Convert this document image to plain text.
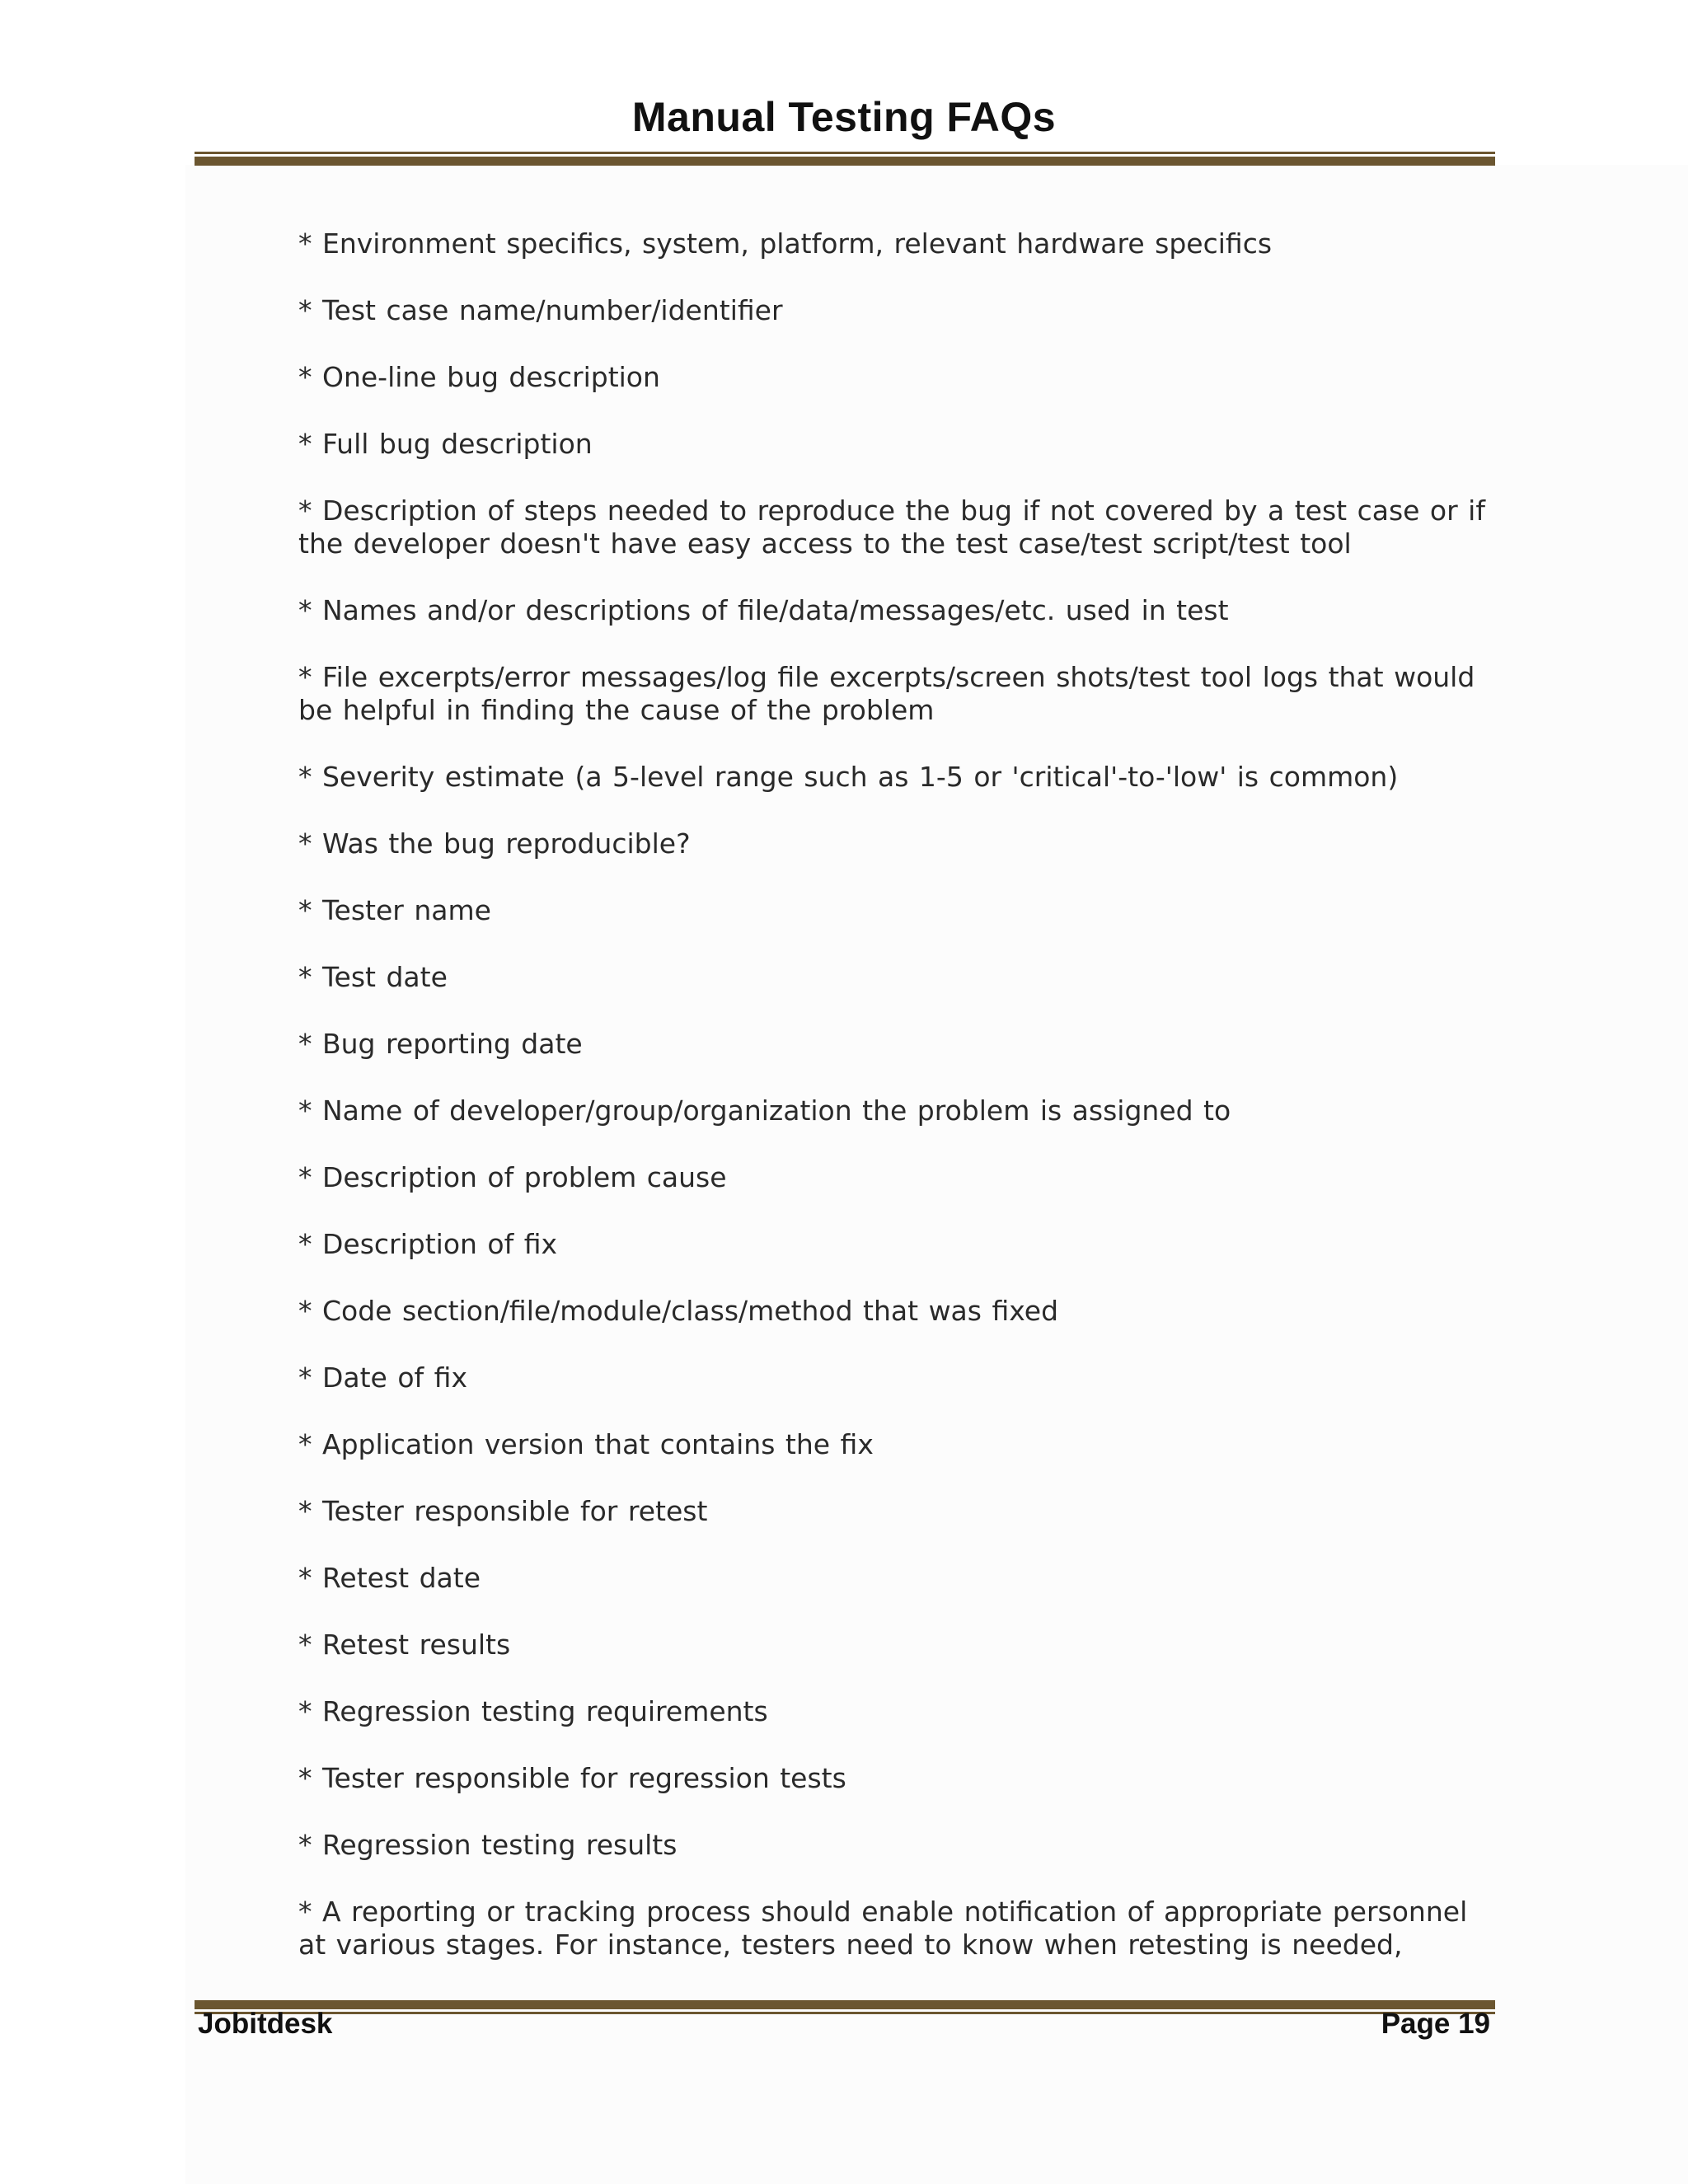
Manual Testing FAQs

* Environment specifics, system, platform, relevant hardware specifics

* Test case name/number/identifier

* One-line bug description

* Full bug description

* Description of steps needed to reproduce the bug if not covered by a test case or if the developer doesn't have easy access to the test case/test script/test tool

* Names and/or descriptions of file/data/messages/etc. used in test

* File excerpts/error messages/log file excerpts/screen shots/test tool logs that would be helpful in finding the cause of the problem

* Severity estimate (a 5-level range such as 1-5 or 'critical'-to-'low' is common)

* Was the bug reproducible?

* Tester name

* Test date

* Bug reporting date

* Name of developer/group/organization the problem is assigned to

* Description of problem cause

* Description of fix

* Code section/file/module/class/method that was fixed

* Date of fix

* Application version that contains the fix

* Tester responsible for retest

* Retest date

* Retest results

* Regression testing requirements

* Tester responsible for regression tests

* Regression testing results

* A reporting or tracking process should enable notification of appropriate personnel at various stages. For instance, testers need to know when retesting is needed,

Jobitdesk	Page 19
